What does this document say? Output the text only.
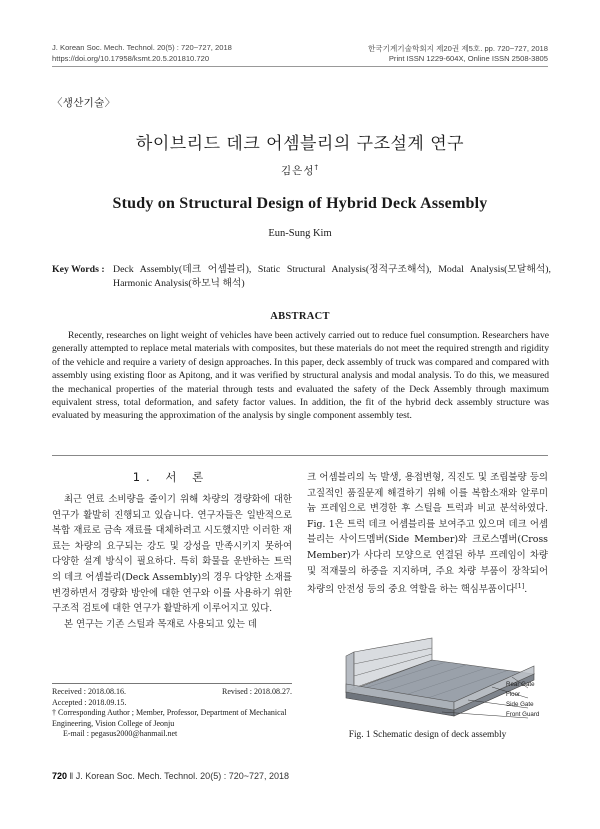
J. Korean Soc. Mech. Technol. 20(5) : 720~727, 2018
https://doi.org/10.17958/ksmt.20.5.201810.720
한국기계기술학회지 제20권 제5호. pp. 720~727, 2018
Print ISSN 1229-604X, Online ISSN 2508-3805
〈생산기술〉
하이브리드 데크 어셈블리의 구조설계 연구
김은성†
Study on Structural Design of Hybrid Deck Assembly
Eun-Sung Kim
Key Words : Deck Assembly(데크 어셈블리), Static Structural Analysis(정적구조해석), Modal Analysis(모달해석), Harmonic Analysis(하모닉 해석)
ABSTRACT
Recently, researches on light weight of vehicles have been actively carried out to reduce fuel consumption. Researchers have generally attempted to replace metal materials with composites, but these materials do not meet the required strength and rigidity of the vehicle and require a variety of design approaches. In this paper, deck assembly of truck was compared and compared with assembly using existing floor as Apitong, and it was verified by structural analysis and modal analysis. To do this, we measured the mechanical properties of the material through tests and evaluated the safety of the Deck Assembly through maximum equivalent stress, total deformation, and safety factor values. In addition, the fit of the hybrid deck assembly structure was evaluated by measuring the approximation of the analysis by single component assembly test.
1. 서 론

최근 연료 소비량을 줄이기 위해 차량의 경량화에 대한 연구가 활발히 진행되고 있습니다. 연구자들은 일반적으로 복합 재료로 금속 재료를 대체하려고 시도했지만 이러한 재료는 차량의 요구되는 강도 및 강성을 만족시키지 못하여 다양한 설계 방식이 필요하다. 특히 화물을 운반하는 트럭의 데크 어셈블리(Deck Assembly)의 경우 다양한 소재를 변경하면서 경량화 방안에 대한 연구와 이를 사용하기 위한 구조적 검토에 대한 연구가 활발하게 이루어지고 있다.

본 연구는 기존 스틸과 목재로 사용되고 있는 데

크 어셈블리의 녹 발생, 용접변형, 직진도 및 조립불량 등의 고질적인 품질문제 해결하기 위해 이를 복합소재와 알루미늄 프레임으로 변경한 후 스틸을 트럭과 비교 분석하였다. Fig. 1은 트럭 데크 어셈블리를 보여주고 있으며 데크 어셈블리는 사이드멤버(Side Member)와 크로스멤버(Cross Member)가 사다리 모양으로 연결된 하부 프레임이 차량 및 적재물의 하중을 지지하며, 주요 차량 부품이 장착되어 차량의 안전성 등의 중요 역할을 하는 핵심부품이다[1].
Received : 2018.08.16.	Revised : 2018.08.27.
Accepted : 2018.09.15.
† Corresponding Author ; Member, Professor, Department of Mechanical Engineering, Vision College of Jeonju
E-mail : pegasus2000@hanmail.net
Rear Gate
Floor
Side Gate
Front Guard
Fig. 1 Schematic design of deck assembly
720 ‖ J. Korean Soc. Mech. Technol. 20(5) : 720~727, 2018
